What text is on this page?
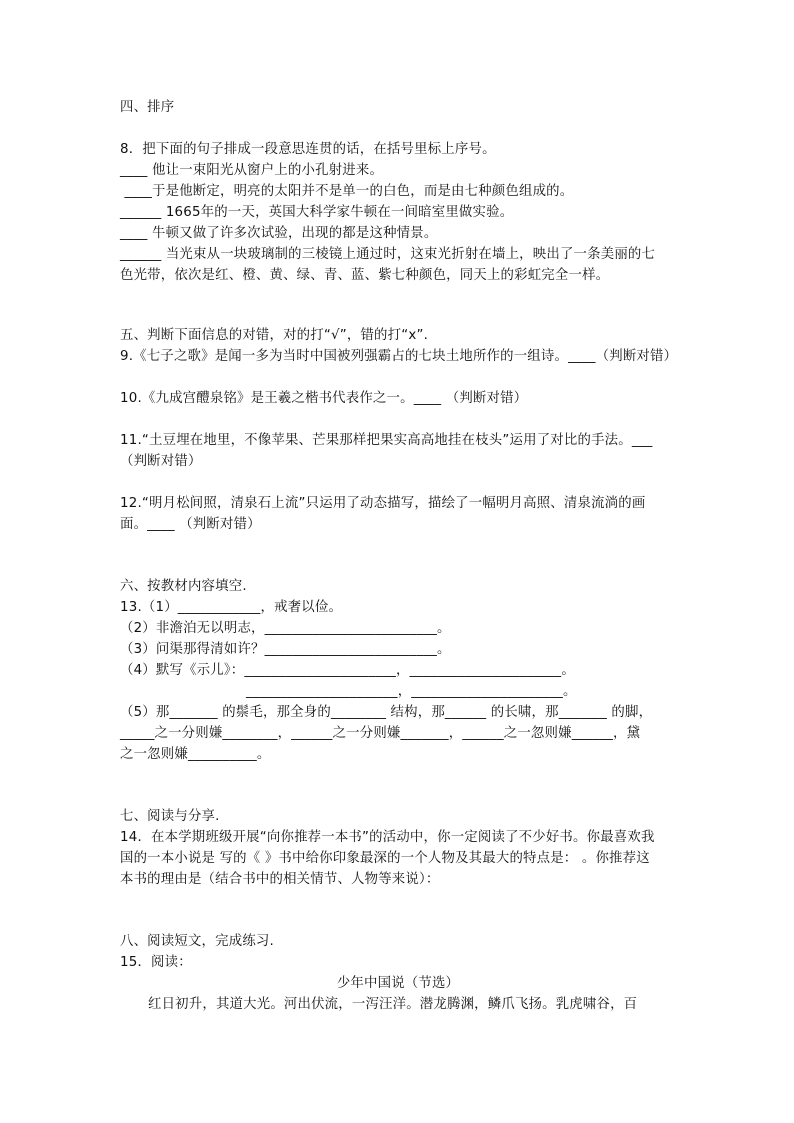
四、排序
8．把下面的句子排成一段意思连贯的话，在括号里标上序号。
____ 他让一束阳光从窗户上的小孔射进来。
____于是他断定，明亮的太阳并不是单一的白色，而是由七种颜色组成的。
______ 1665年的一天，英国大科学家牛顿在一间暗室里做实验。
____ 牛顿又做了许多次试验，出现的都是这种情景。
______ 当光束从一块玻璃制的三棱镜上通过时，这束光折射在墙上，映出了一条美丽的七
色光带，依次是红、橙、黄、绿、青、蓝、紫七种颜色，同天上的彩虹完全一样。
五、判断下面信息的对错，对的打“√”，错的打“x”.
9.《七子之歌》是闻一多为当时中国被列强霸占的七块土地所作的一组诗。____（判断对错）
10.《九成宫醴泉铭》是王羲之楷书代表作之一。____ （判断对错）
11.“土豆埋在地里，不像苹果、芒果那样把果实高高地挂在枝头”运用了对比的手法。___
（判断对错）
12.“明月松间照，清泉石上流”只运用了动态描写，描绘了一幅明月高照、清泉流淌的画
面。____ （判断对错）
六、按教材内容填空.
13.（1）____________，戒奢以俭。
（2）非澹泊无以明志，_________________________。
（3）问渠那得清如许？_________________________。
（4）默写《示儿》：______________________，______________________。
______________________，______________________。
（5）那_______ 的鬃毛，那全身的________ 结构，那______ 的长啸，那_______ 的脚，
_____之一分则嫌________，______之一分则嫌_______，______之一忽则嫌______，黛
之一忽则嫌__________。
七、阅读与分享.
14．在本学期班级开展“向你推荐一本书”的活动中，你一定阅读了不少好书。你最喜欢我
国的一本小说是 写的《 》书中给你印象最深的一个人物及其最大的特点是： 。你推荐这
本书的理由是（结合书中的相关情节、人物等来说）：
八、阅读短文，完成练习.
15．阅读：
少年中国说（节选）
红日初升，其道大光。河出伏流，一泻汪洋。潜龙腾渊，鳞爪飞扬。乳虎啸谷，百
